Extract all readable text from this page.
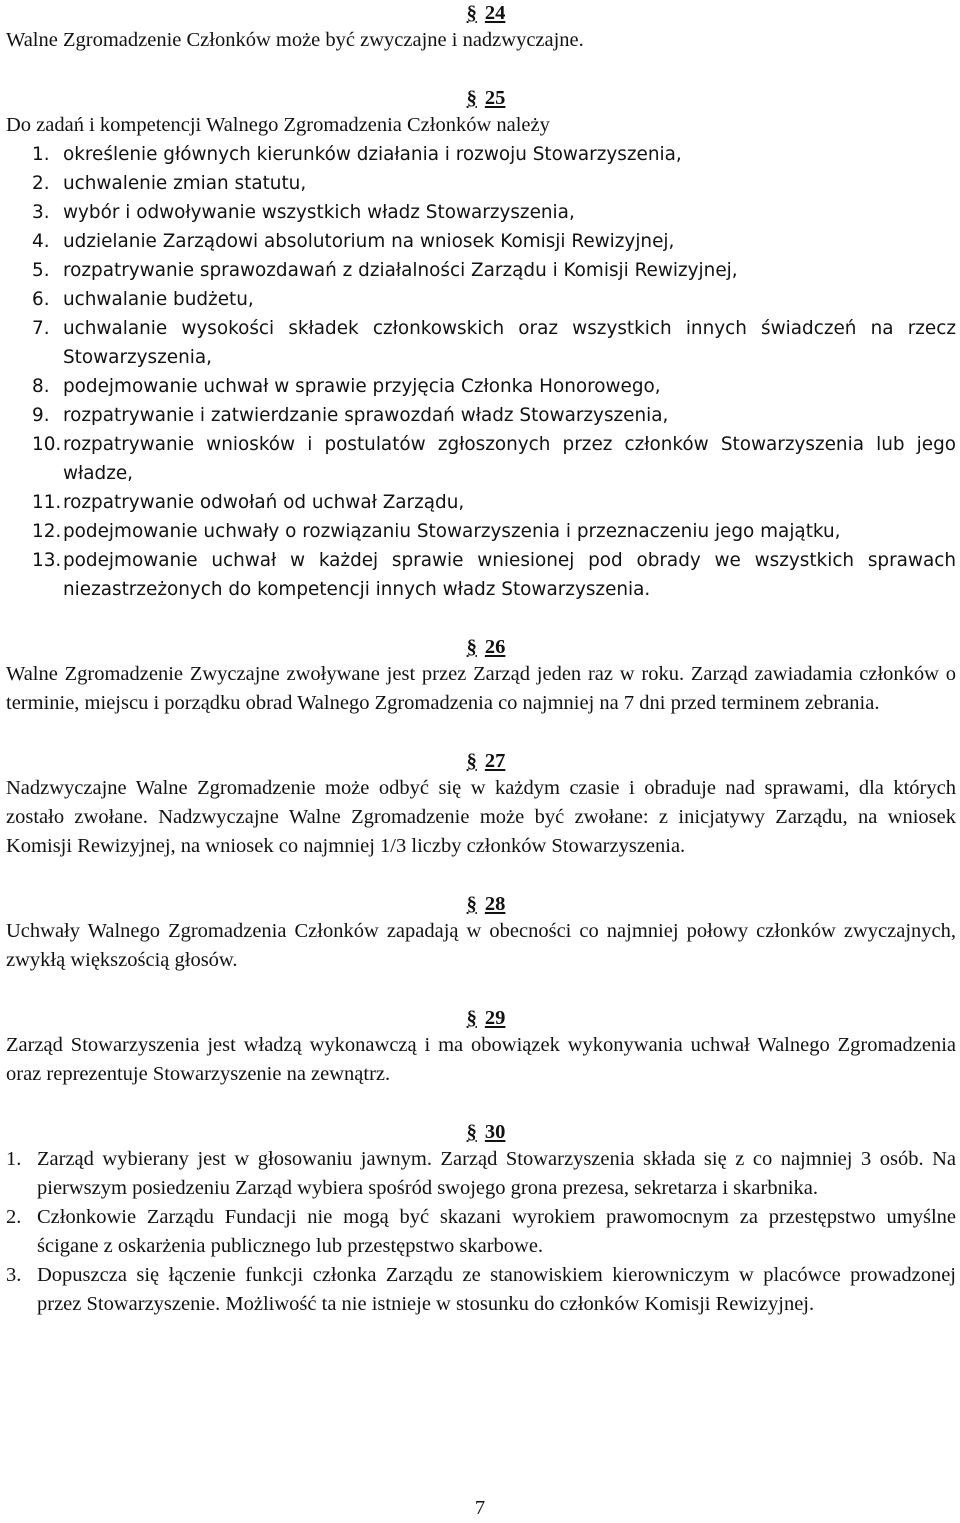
§ 24
Walne Zgromadzenie Członków może być zwyczajne i nadzwyczajne.
§ 25
Do zadań i kompetencji Walnego Zgromadzenia Członków należy
1. określenie głównych kierunków działania i rozwoju Stowarzyszenia,
2. uchwalenie zmian statutu,
3. wybór i odwoływanie wszystkich władz Stowarzyszenia,
4. udzielanie Zarządowi absolutorium na wniosek Komisji Rewizyjnej,
5. rozpatrywanie sprawozdawań z działalności Zarządu i Komisji Rewizyjnej,
6. uchwalanie budżetu,
7. uchwalanie wysokości składek członkowskich oraz wszystkich innych świadczeń na rzecz Stowarzyszenia,
8. podejmowanie uchwał w sprawie przyjęcia Członka Honorowego,
9. rozpatrywanie i zatwierdzanie sprawozdań władz Stowarzyszenia,
10. rozpatrywanie wniosków i postulatów zgłoszonych przez członków Stowarzyszenia lub jego władze,
11. rozpatrywanie odwołań od uchwał Zarządu,
12. podejmowanie uchwały o rozwiązaniu Stowarzyszenia i przeznaczeniu jego majątku,
13. podejmowanie uchwał w każdej sprawie wniesionej pod obrady we wszystkich sprawach niezastrzeżonych do kompetencji innych władz Stowarzyszenia.
§ 26
Walne Zgromadzenie Zwyczajne zwoływane jest przez Zarząd jeden raz w roku. Zarząd zawiadamia członków o terminie, miejscu i porządku obrad Walnego Zgromadzenia co najmniej na 7 dni przed terminem zebrania.
§ 27
Nadzwyczajne Walne Zgromadzenie może odbyć się w każdym czasie i obraduje nad sprawami, dla których zostało zwołane. Nadzwyczajne Walne Zgromadzenie może być zwołane: z inicjatywy Zarządu, na wniosek Komisji Rewizyjnej, na wniosek co najmniej 1/3 liczby członków Stowarzyszenia.
§ 28
Uchwały Walnego Zgromadzenia Członków zapadają w obecności co najmniej połowy członków zwyczajnych, zwykłą większością głosów.
§ 29
Zarząd Stowarzyszenia jest władzą wykonawczą i ma obowiązek wykonywania uchwał Walnego Zgromadzenia oraz reprezentuje Stowarzyszenie na zewnątrz.
§ 30
1. Zarząd wybierany jest w głosowaniu jawnym. Zarząd Stowarzyszenia składa się z co najmniej 3 osób. Na pierwszym posiedzeniu Zarząd wybiera spośród swojego grona prezesa, sekretarza i skarbnika.
2. Członkowie Zarządu Fundacji nie mogą być skazani wyrokiem prawomocnym za przestępstwo umyślne ścigane z oskarżenia publicznego lub przestępstwo skarbowe.
3. Dopuszcza się łączenie funkcji członka Zarządu ze stanowiskiem kierowniczym w placówce prowadzonej przez Stowarzyszenie. Możliwość ta nie istnieje w stosunku do członków Komisji Rewizyjnej.
7
